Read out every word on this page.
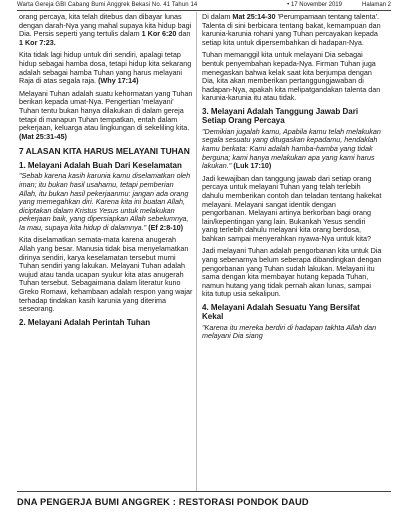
Warta Gereja GBI Cabang Bumi Anggrek Bekasi No. 41 Tahun 14	• 17 November 2019	Halaman 2

orang percaya, kita telah ditebus dan dibayar lunas dengan darah-Nya yang mahal supaya kita hidup bagi Dia. Persis seperti yang tertulis dalam 1 Kor 6:20 dan 1 Kor 7:23.

Kita tidak lagi hidup untuk diri sendiri, apalagi tetap hidup sebagai hamba dosa, tetapi hidup kita sekarang adalah sebagai hamba Tuhan yang harus melayani Raja di atas segala raja. (Why 17:14)

Melayani Tuhan adalah suatu kehormatan yang Tuhan berikan kepada umat-Nya. Pengertian 'melayani' Tuhan tentu bukan hanya dilakukan di dalam gereja tetapi di manapun Tuhan tempatkan, entah dalam pekerjaan, keluarga atau lingkungan di sekeliling kita. (Mat 25:31-45)

7 ALASAN KITA HARUS MELAYANI TUHAN
1. Melayani Adalah Buah Dari Keselamatan

"Sebab karena kasih karunia kamu diselamatkan oleh iman; itu bukan hasil usahamu, tetapi pemberian Allah, itu bukan hasil pekerjaanmu: jangan ada orang yang memegahkan diri. Karena kita ini buatan Allah, diciptakan dalam Kristus Yesus untuk melakukan pekerjaan baik, yang dipersiapkan Allah sebelumnya, Ia mau, supaya kita hidup di dalamnya." (Ef 2:8-10)

Kita diselamatkan semata-mata karena anugerah Allah yang besar. Manusia tidak bisa menyelamatkan dirinya sendiri, karya keselamatan tersebut murni Tuhan sendiri yang lakukan. Melayani Tuhan adalah wujud atau tanda ucapan syukur kita atas anugerah Tuhan tersebut. Sebagaimana dalam literatur kuno Greko Romawi, kehambaan adalah respon yang wajar terhadap tindakan kasih karunia yang diterima seseorang.

2. Melayani Adalah Perintah Tuhan

Di dalam Mat 25:14-30 'Perumpamaan tentang talenta'. Talenta di sini berbicara tentang bakat, kemampuan dan karunia-karunia rohani yang Tuhan percayakan kepada setiap kita untuk dipersembahkan di hadapan-Nya.

Tuhan memanggil kita untuk melayani Dia sebagai bentuk penyembahan kepada-Nya. Firman Tuhan juga menegaskan bahwa kelak saat kita berjumpa dengan Dia, kita akan memberikan pertanggungjawaban di hadapan-Nya, apakah kita melipatgandakan talenta dan karunia-karunia itu atau tidak.

3. Melayani Adalah Tanggung Jawab Dari Setiap Orang Percaya

"Demikian jugalah kamu, Apabila kamu telah melakukan segala sesuatu yang ditugaskan kepadamu, hendaklah kamu berkata: Kami adalah hamba-hamba yang tidak berguna; kami hanya melakukan apa yang kami harus lakukan." (Luk 17:10)

Jadi kewajiban dan tanggung jawab dari setiap orang percaya untuk melayani Tuhan yang telah terlebih dahulu memberikan contoh dan teladan tentang hakekat melayani. Melayani sangat identik dengan pengorbanan. Melayani artinya berkorban bagi orang lain/kepentingan yang lain. Bukankah Yesus sendiri yang terlebih dahulu melayani kita orang berdosa, bahkan sampai menyerahkan nyawa-Nya untuk kita?

Jadi melayani Tuhan adalah pengorbanan kita untuk Dia yang sebenarnya belum seberapa dibandingkan dengan pengorbanan yang Tuhan sudah lakukan. Melayani itu sama dengan kita membayar hutang kepada Tuhan, namun hutang yang tidak pernah akan lunas, sampai kita tutup usia sekalipun.

4. Melayani Adalah Sesuatu Yang Bersifat Kekal

"Karena itu mereka berdiri di hadapan takhta Allah dan melayani Dia siang

DNA PENGERJA BUMI ANGGREK : RESTORASI PONDOK DAUD
